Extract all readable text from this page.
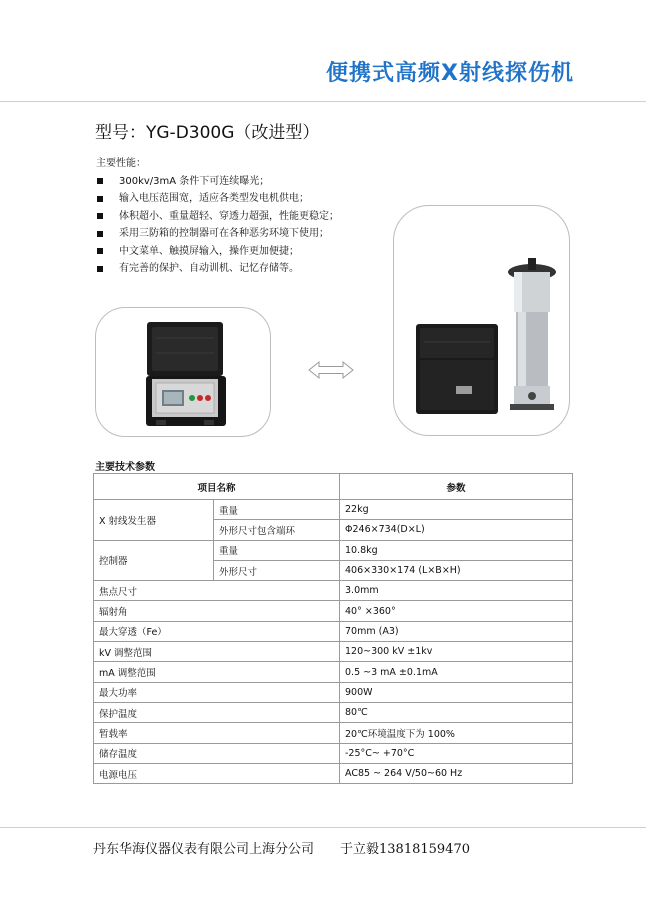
便携式高频X射线探伤机
型号：YG-D300G（改进型）
主要性能：
300kv/3mA 条件下可连续曝光；
输入电压范围宽，适应各类型发电机供电；
体积超小、重量超轻、穿透力超强，性能更稳定；
采用三防箱的控制器可在各种恶劣环境下使用；
中文菜单、触摸屏输入，操作更加便捷；
有完善的保护、自动训机、记忆存储等。
主要技术参数
项目名称		参数
X 射线发生器	重量	22kg
	外形尺寸包含端环	Φ246×734(D×L)
控制器	重量	10.8kg
	外形尺寸	406×330×174 (L×B×H)
焦点尺寸		3.0mm
辐射角		40° ×360°
最大穿透（Fe）		70mm (A3)
kV 调整范围		120~300 kV ±1kv
mA 调整范围		0.5 ~3 mA ±0.1mA
最大功率		900W
保护温度		80℃
暂载率		20℃环境温度下为 100%
储存温度		-25°C~ +70°C
电源电压		AC85 ~ 264 V/50~60 Hz
丹东华海仪器仪表有限公司上海分公司 于立毅13818159470
